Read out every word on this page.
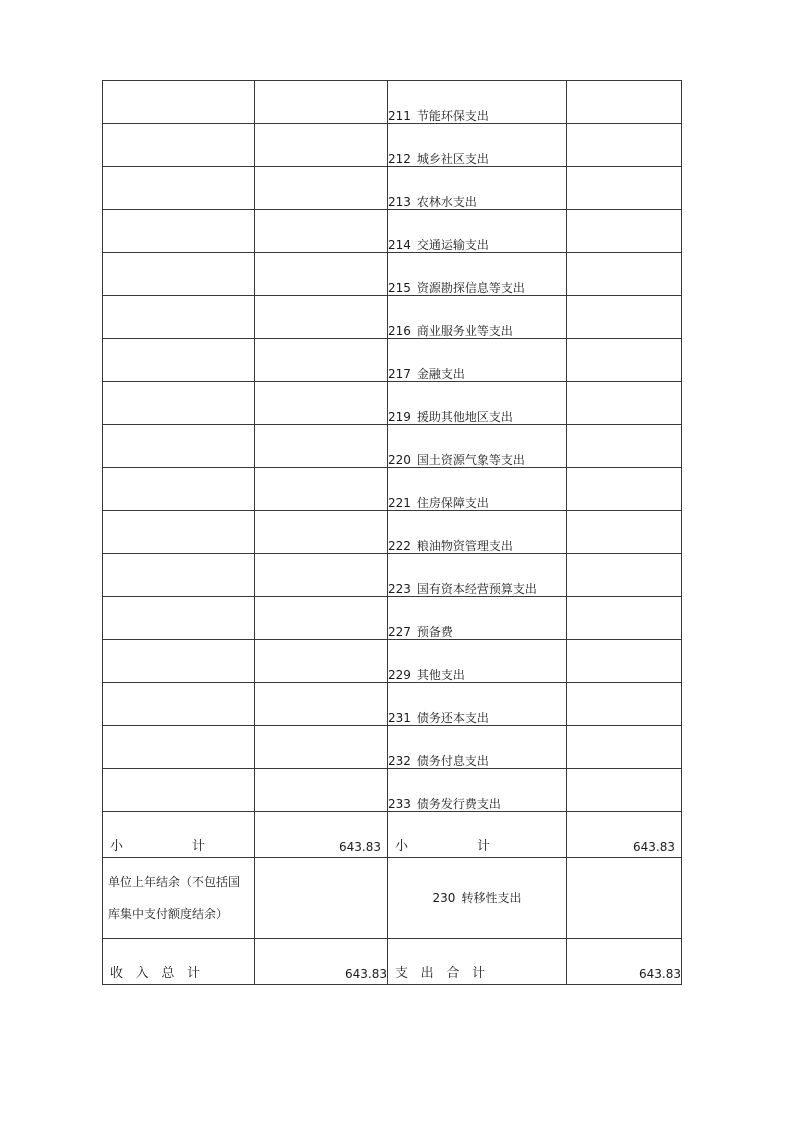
		211 节能环保支出	
		212 城乡社区支出	
		213 农林水支出	
		214 交通运输支出	
		215 资源勘探信息等支出	
		216 商业服务业等支出	
		217 金融支出	
		219 援助其他地区支出	
		220 国土资源气象等支出	
		221 住房保障支出	
		222 粮油物资管理支出	
		223 国有资本经营预算支出	
		227 预备费	
		229 其他支出	
		231 债务还本支出	
		232 债务付息支出	
		233 债务发行费支出	

小 计	643.83	小 计	643.83
单位上年结余（不包括国库集中支付额度结余）		230 转移性支出	

收 入 总 计	643.83	支 出 合 计	643.83
